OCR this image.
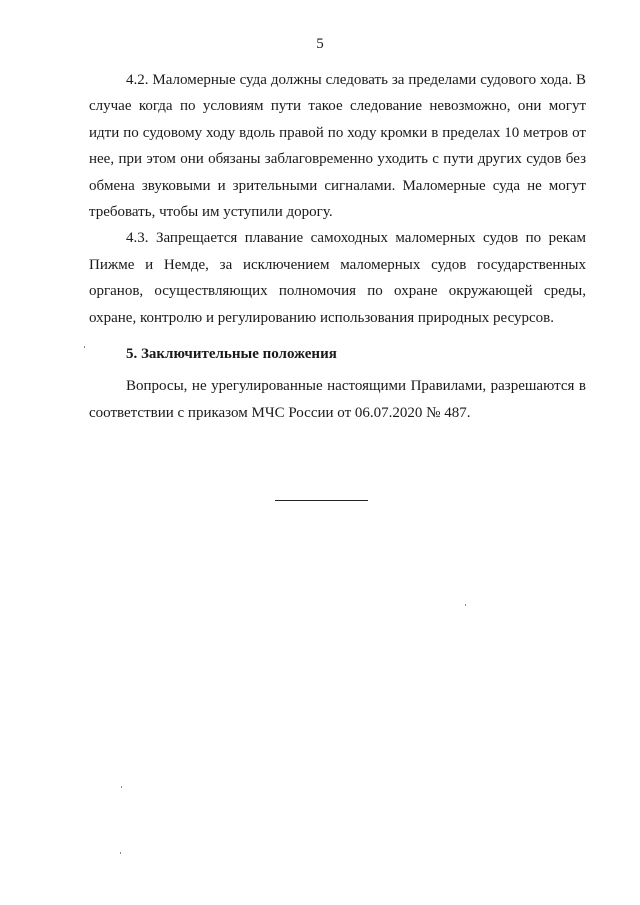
5

4.2. Маломерные суда должны следовать за пределами судового хода. В случае когда по условиям пути такое следование невозможно, они могут идти по судовому ходу вдоль правой по ходу кромки в пределах 10 метров от нее, при этом они обязаны заблаговременно уходить с пути других судов без обмена звуковыми и зрительными сигналами. Маломерные суда не могут требовать, чтобы им уступили дорогу.

4.3. Запрещается плавание самоходных маломерных судов по рекам Пижме и Немде, за исключением маломерных судов государственных органов, осуществляющих полномочия по охране окружающей среды, охране, контролю и регулированию использования природных ресурсов.

5. Заключительные положения

Вопросы, не урегулированные настоящими Правилами, разрешаются в соответствии с приказом МЧС России от 06.07.2020 № 487.
